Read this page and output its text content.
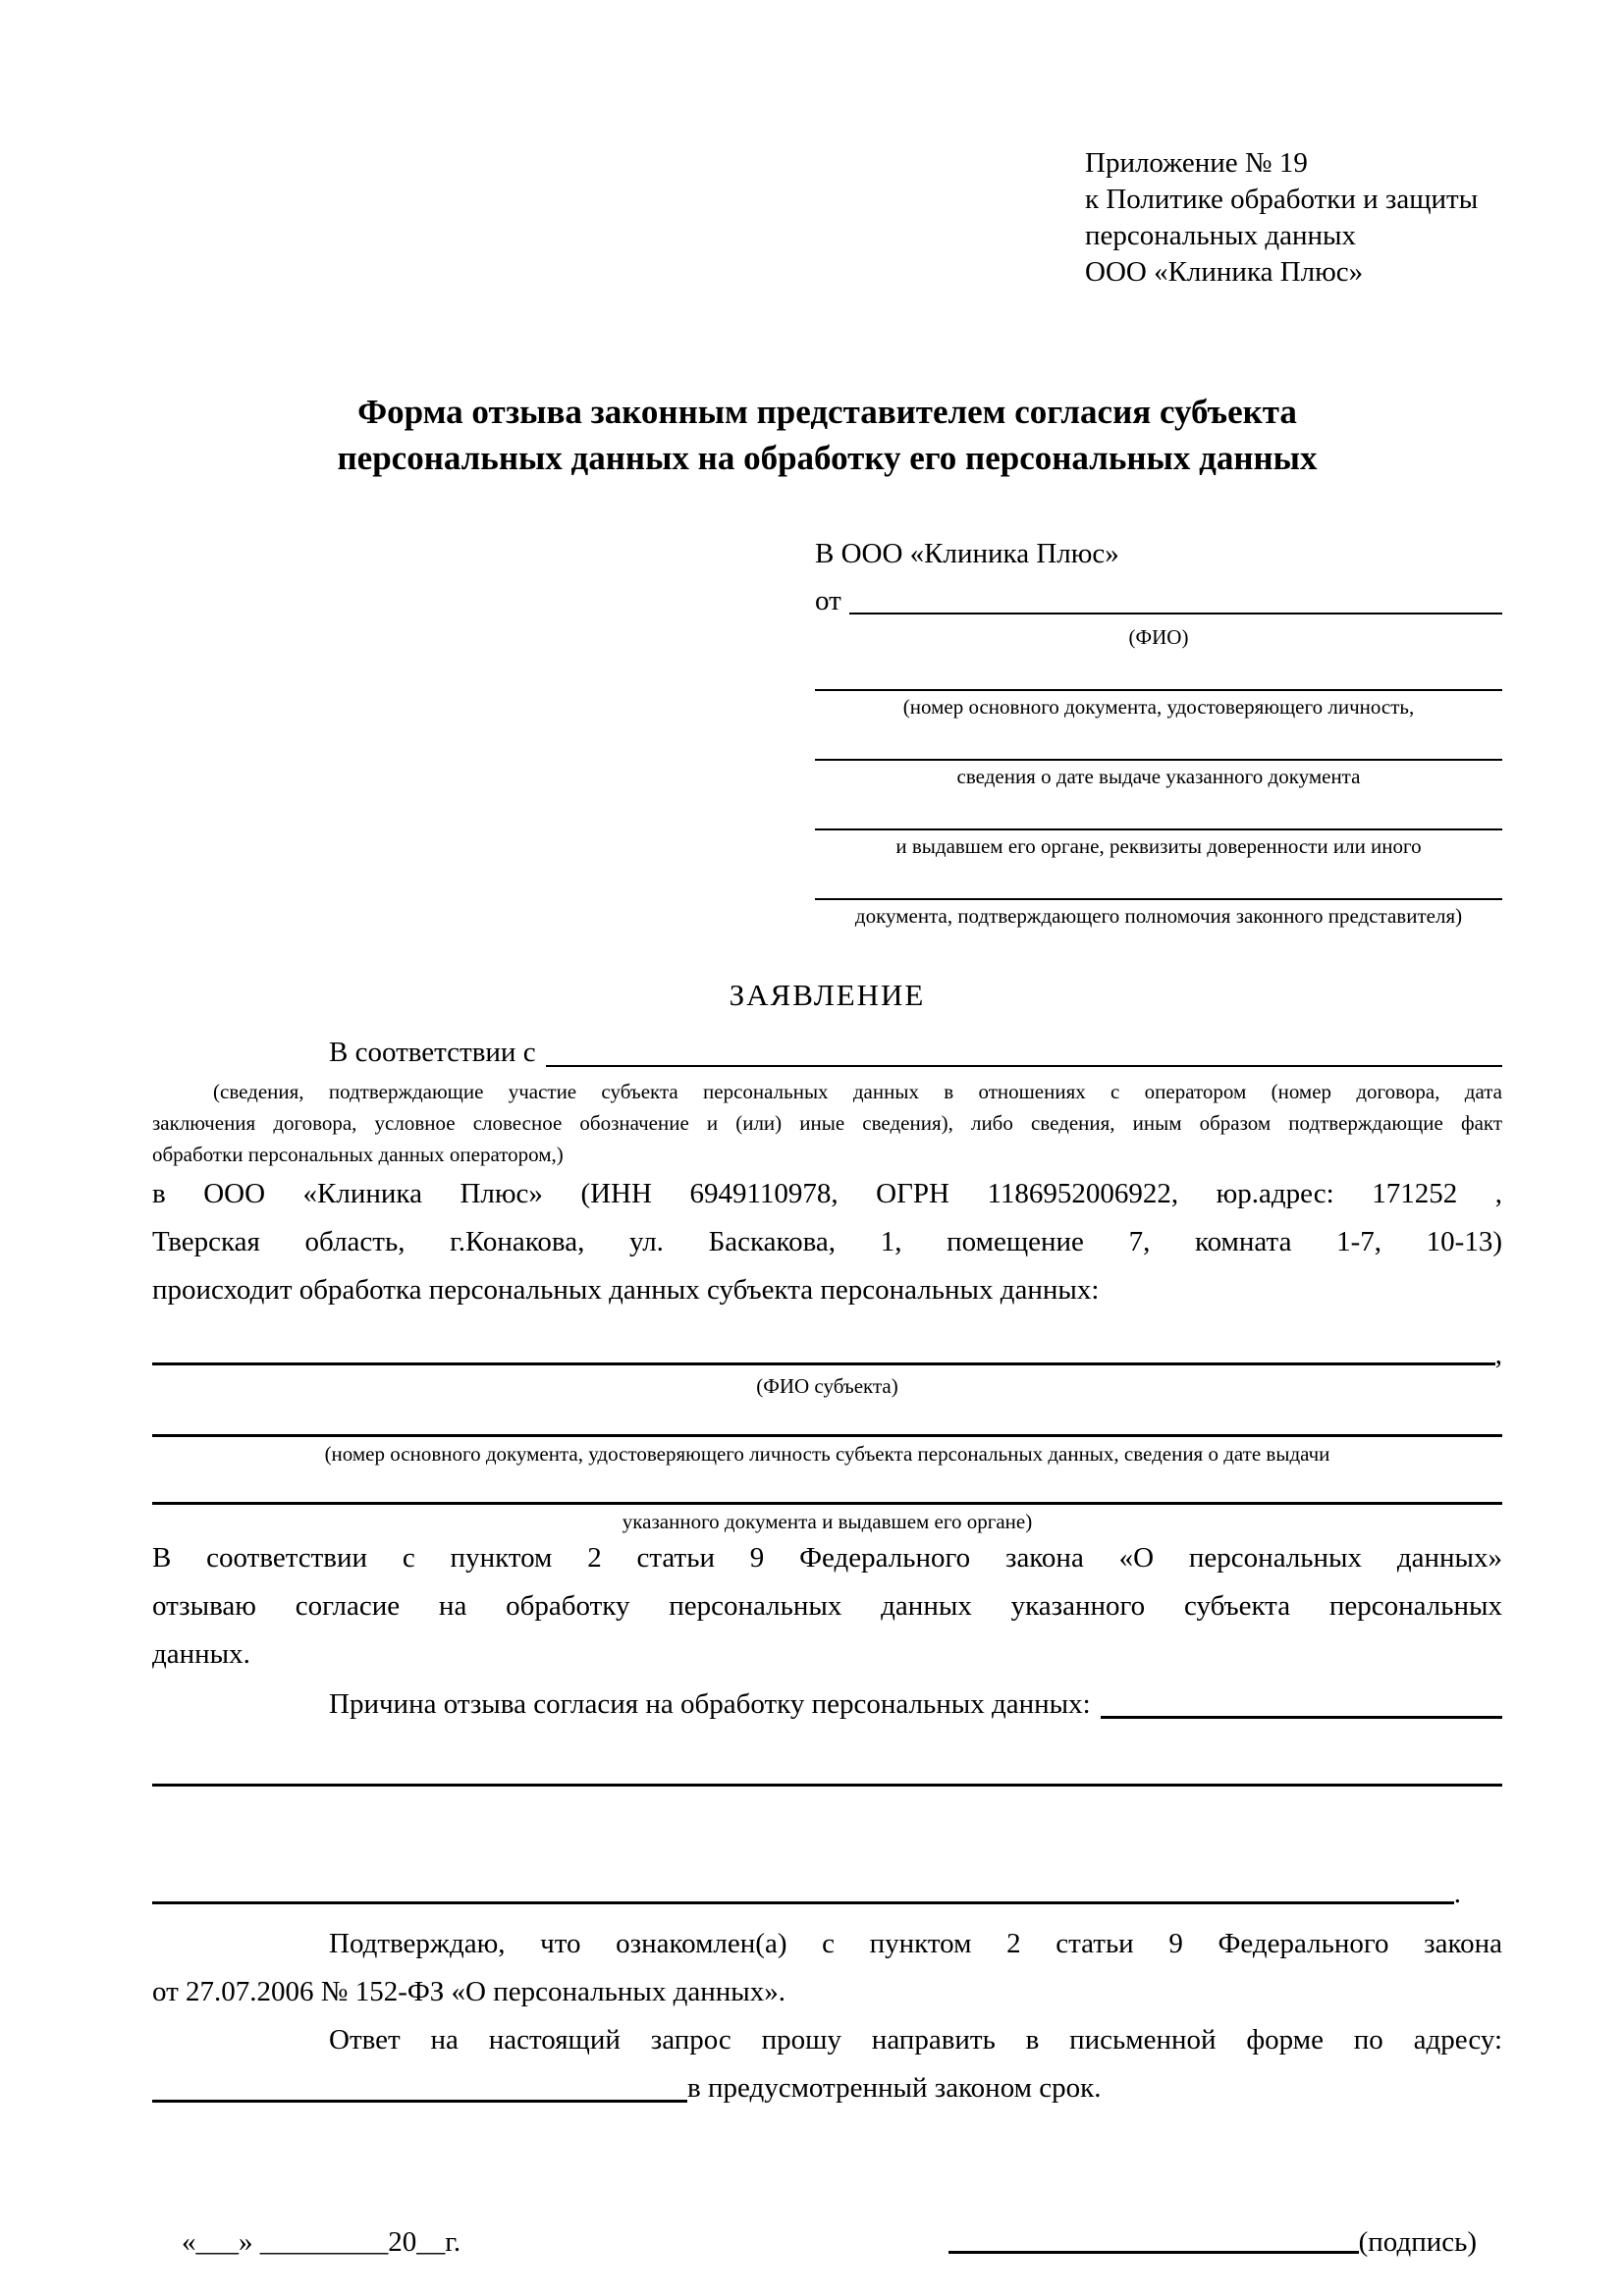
Приложение № 19
к Политике обработки и защиты
персональных данных
ООО «Клиника Плюс»
Форма отзыва законным представителем согласия субъекта
персональных данных на обработку его персональных данных
В ООО «Клиника Плюс»
от
(ФИО)
(номер основного документа, удостоверяющего личность,
сведения о дате выдаче указанного документа
и выдавшем его органе, реквизиты доверенности или иного
документа, подтверждающего полномочия законного представителя)
ЗАЯВЛЕНИЕ
В соответствии с
(сведения, подтверждающие участие субъекта персональных данных в отношениях с оператором (номер договора, дата
заключения договора, условное словесное обозначение и (или) иные сведения), либо сведения, иным образом подтверждающие факт
обработки персональных данных оператором,)
в ООО «Клиника Плюс» (ИНН 6949110978, ОГРН 1186952006922, юр.адрес: 171252 ,
Тверская область, г.Конакова, ул. Баскакова, 1, помещение 7, комната 1-7, 10-13)
происходит обработка персональных данных субъекта персональных данных:
,
(ФИО субъекта)
(номер основного документа, удостоверяющего личность субъекта персональных данных, сведения о дате выдачи
указанного документа и выдавшем его органе)
В соответствии с пунктом 2 статьи 9 Федерального закона «О персональных данных»
отзываю согласие на обработку персональных данных указанного субъекта персональных
данных.
Причина отзыва согласия на обработку персональных данных:
.
Подтверждаю, что ознакомлен(а) с пунктом 2 статьи 9 Федерального закона
от 27.07.2006 № 152-ФЗ «О персональных данных».
Ответ на настоящий запрос прошу направить в письменной форме по адресу:
в предусмотренный законом срок.
«___» _________20__г.	(подпись)
